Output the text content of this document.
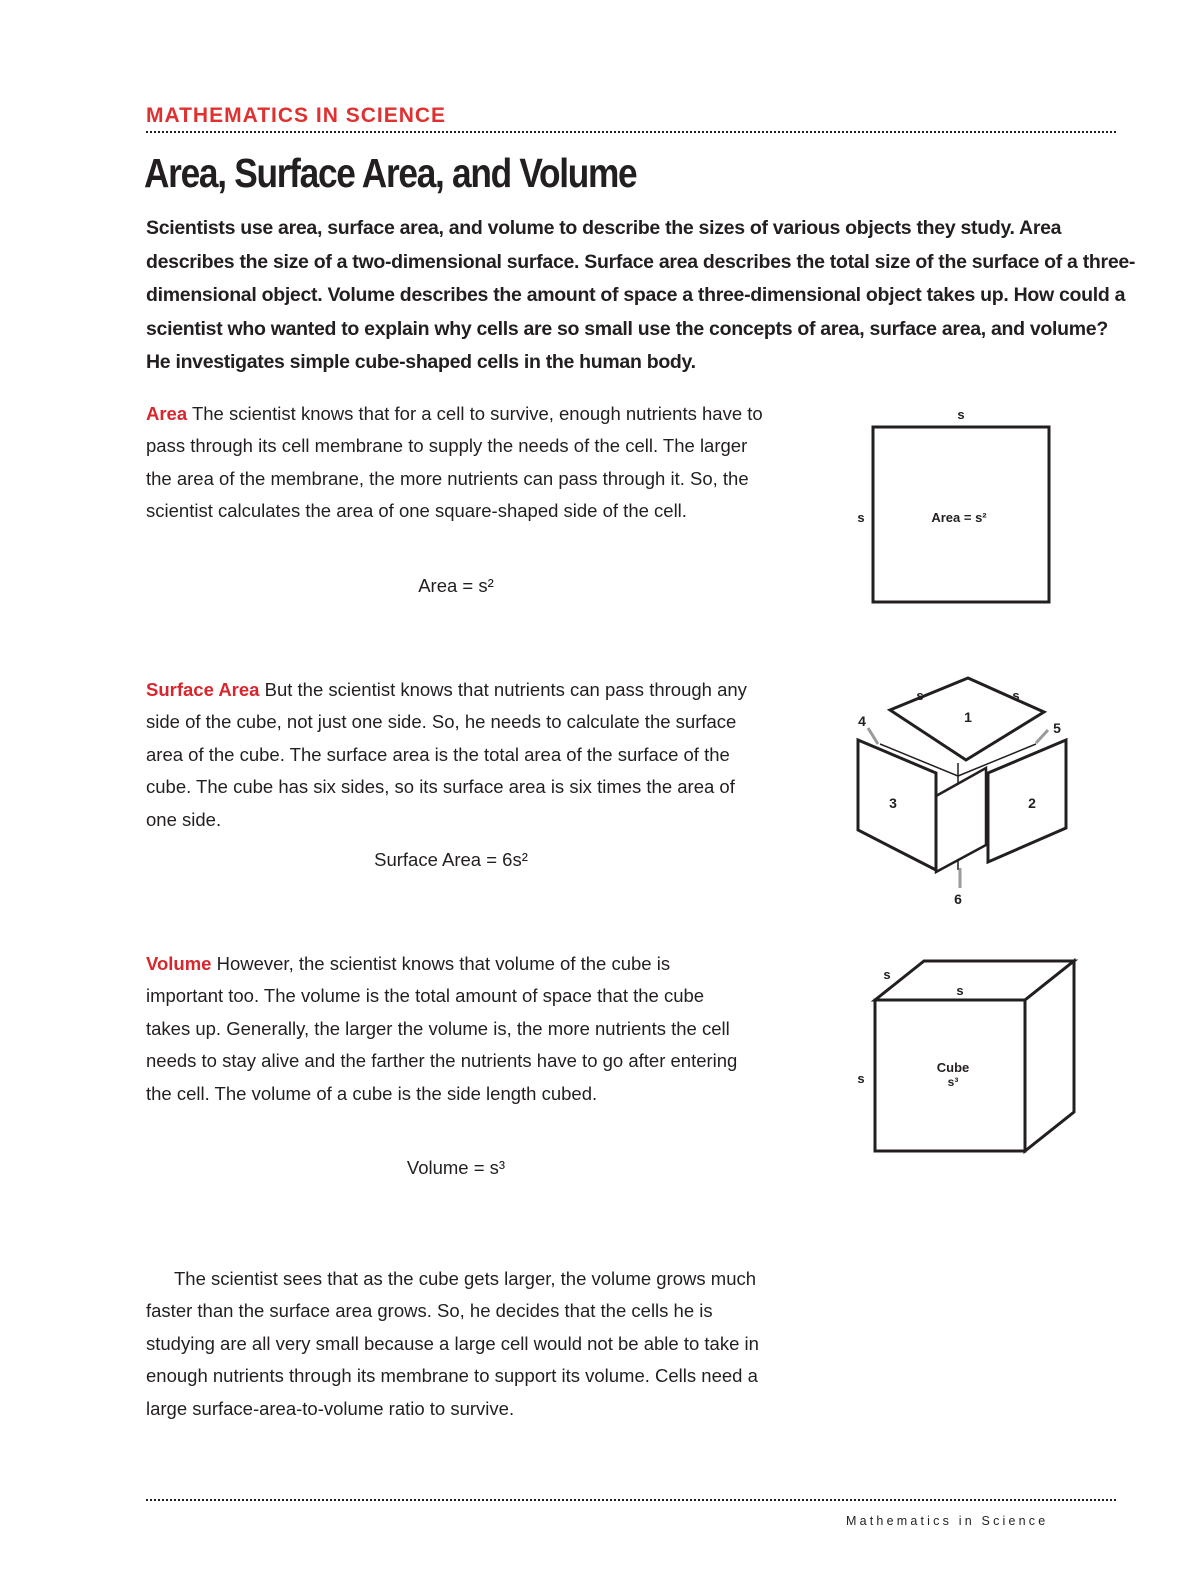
MATHEMATICS IN SCIENCE
Area, Surface Area, and Volume
Scientists use area, surface area, and volume to describe the sizes of various objects they study. Area describes the size of a two-dimensional surface. Surface area describes the total size of the surface of a three-dimensional object. Volume describes the amount of space a three-dimensional object takes up. How could a scientist who wanted to explain why cells are so small use the concepts of area, surface area, and volume? He investigates simple cube-shaped cells in the human body.
Area The scientist knows that for a cell to survive, enough nutrients have to pass through its cell membrane to supply the needs of the cell. The larger the area of the membrane, the more nutrients can pass through it. So, the scientist calculates the area of one square-shaped side of the cell.
Area = s²
Surface Area But the scientist knows that nutrients can pass through any side of the cube, not just one side. So, he needs to calculate the surface area of the cube. The surface area is the total area of the surface of the cube. The cube has six sides, so its surface area is six times the area of one side.
Surface Area = 6s²
Volume However, the scientist knows that volume of the cube is important too. The volume is the total amount of space that the cube takes up. Generally, the larger the volume is, the more nutrients the cell needs to stay alive and the farther the nutrients have to go after entering the cell. The volume of a cube is the side length cubed.
Volume = s³
The scientist sees that as the cube gets larger, the volume grows much faster than the surface area grows. So, he decides that the cells he is studying are all very small because a large cell would not be able to take in enough nutrients through its membrane to support its volume. Cells need a large surface-area-to-volume ratio to survive.
s
s	Area = s²
s	s
1
2
3
4	5
6
s
s
s
Cube
s³
Mathematics in Science
